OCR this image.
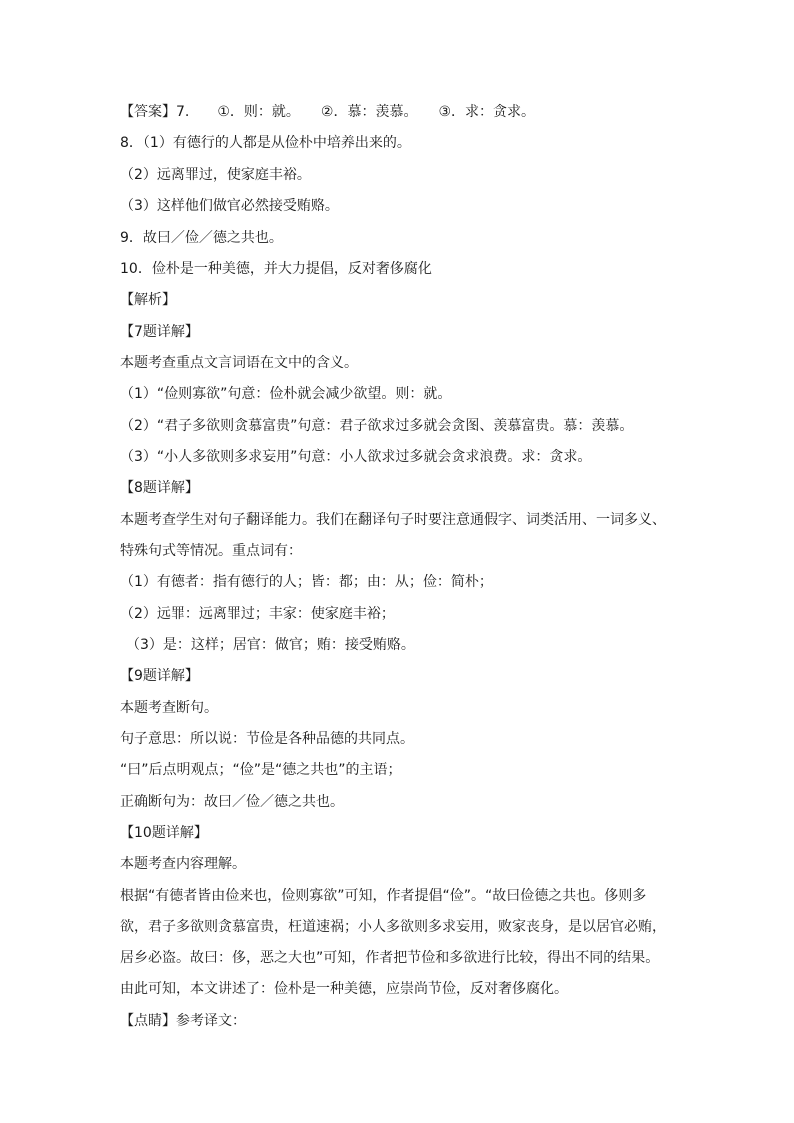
【答案】7.　　①．则：就。　　②．慕：羡慕。　　③．求：贪求。
8．（1）有德行的人都是从俭朴中培养出来的。
（2）远离罪过，使家庭丰裕。
（3）这样他们做官必然接受贿赂。
9．故曰／俭／德之共也。
10．俭朴是一种美德，并大力提倡，反对奢侈腐化
【解析】
【7题详解】
本题考查重点文言词语在文中的含义。
（1）“俭则寡欲”句意：俭朴就会减少欲望。则：就。
（2）“君子多欲则贪慕富贵”句意：君子欲求过多就会贪图、羡慕富贵。慕：羡慕。
（3）“小人多欲则多求妄用”句意：小人欲求过多就会贪求浪费。求：贪求。
【8题详解】
本题考查学生对句子翻译能力。我们在翻译句子时要注意通假字、词类活用、一词多义、
特殊句式等情况。重点词有：
（1）有德者：指有德行的人；皆：都；由：从；俭：简朴；
（2）远罪：远离罪过；丰家：使家庭丰裕；
（3）是：这样；居官：做官；贿：接受贿赂。
【9题详解】
本题考查断句。
句子意思：所以说：节俭是各种品德的共同点。
“曰”后点明观点；“俭”是“德之共也”的主语；
正确断句为：故曰／俭／德之共也。
【10题详解】
本题考查内容理解。
根据“有德者皆由俭来也，俭则寡欲”可知，作者提倡“俭”。“故曰俭德之共也。侈则多
欲，君子多欲则贪慕富贵，枉道速祸；小人多欲则多求妄用，败家丧身，是以居官必贿，
居乡必盗。故曰：侈，恶之大也”可知，作者把节俭和多欲进行比较，得出不同的结果。
由此可知，本文讲述了：俭朴是一种美德，应崇尚节俭，反对奢侈腐化。
【点睛】参考译文：
